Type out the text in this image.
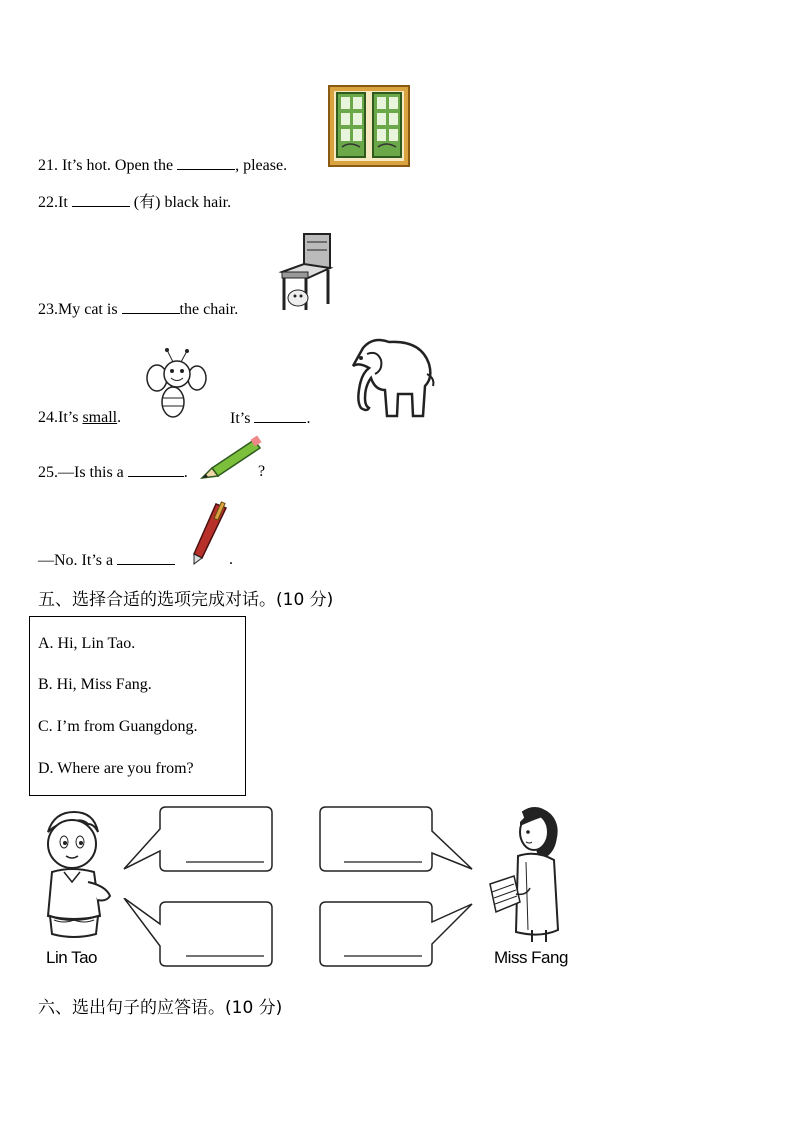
21. It’s hot. Open the	, please.
22.It	(有) black hair.
23.My cat is	the chair.
24.It’s small.	It’s	.
25.—Is this a	.	?
—No. It’s a	.
五、选择合适的选项完成对话。(10 分)
A. Hi, Lin Tao.
B. Hi, Miss Fang.
C. I’m from Guangdong.
D. Where are you from?
Lin Tao	Miss Fang
六、选出句子的应答语。(10 分)
